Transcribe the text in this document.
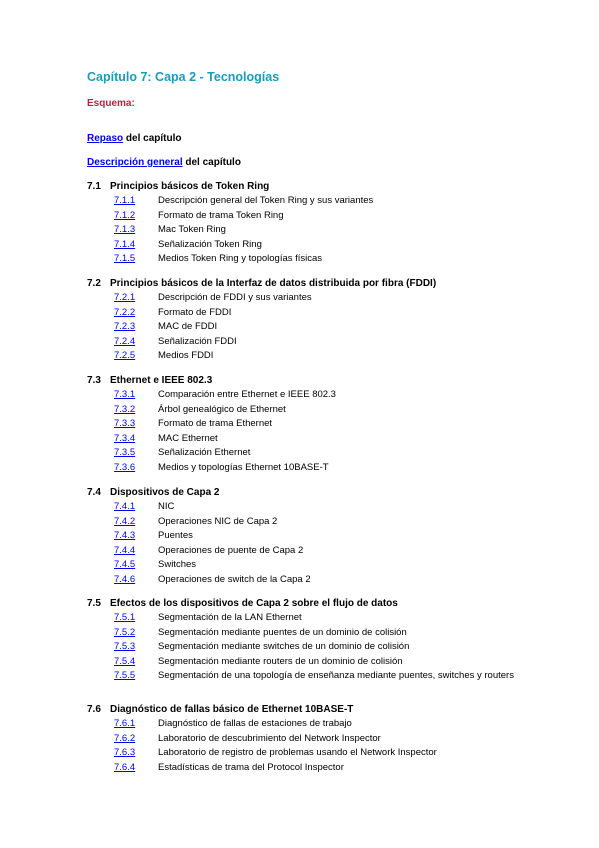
Capítulo 7: Capa 2 - Tecnologías
Esquema:
Repaso del capítulo
Descripción general del capítulo
7.1 Principios básicos de Token Ring
7.1.1	Descripción general del Token Ring y sus variantes
7.1.2	Formato de trama Token Ring
7.1.3	Mac Token Ring
7.1.4	Señalización Token Ring
7.1.5	Medios Token Ring y topologías físicas
7.2 Principios básicos de la Interfaz de datos distribuida por fibra (FDDI)
7.2.1	Descripción de FDDI y sus variantes
7.2.2	Formato de FDDI
7.2.3	MAC de FDDI
7.2.4	Señalización FDDI
7.2.5	Medios FDDI
7.3 Ethernet e IEEE 802.3
7.3.1	Comparación entre Ethernet e IEEE 802.3
7.3.2	Árbol genealógico de Ethernet
7.3.3	Formato de trama Ethernet
7.3.4	MAC Ethernet
7.3.5	Señalización Ethernet
7.3.6	Medios y topologías Ethernet 10BASE-T
7.4 Dispositivos de Capa 2
7.4.1	NIC
7.4.2	Operaciones NIC de Capa 2
7.4.3	Puentes
7.4.4	Operaciones de puente de Capa 2
7.4.5	Switches
7.4.6	Operaciones de switch de la Capa 2
7.5 Efectos de los dispositivos de Capa 2 sobre el flujo de datos
7.5.1	Segmentación de la LAN Ethernet
7.5.2	Segmentación mediante puentes de un dominio de colisión
7.5.3	Segmentación mediante switches de un dominio de colisión
7.5.4	Segmentación mediante routers de un dominio de colisión
7.5.5	Segmentación de una topología de enseñanza mediante puentes, switches y routers
7.6 Diagnóstico de fallas básico de Ethernet 10BASE-T
7.6.1	Diagnóstico de fallas de estaciones de trabajo
7.6.2	Laboratorio de descubrimiento del Network Inspector
7.6.3	Laboratorio de registro de problemas usando el Network Inspector
7.6.4	Estadísticas de trama del Protocol Inspector
